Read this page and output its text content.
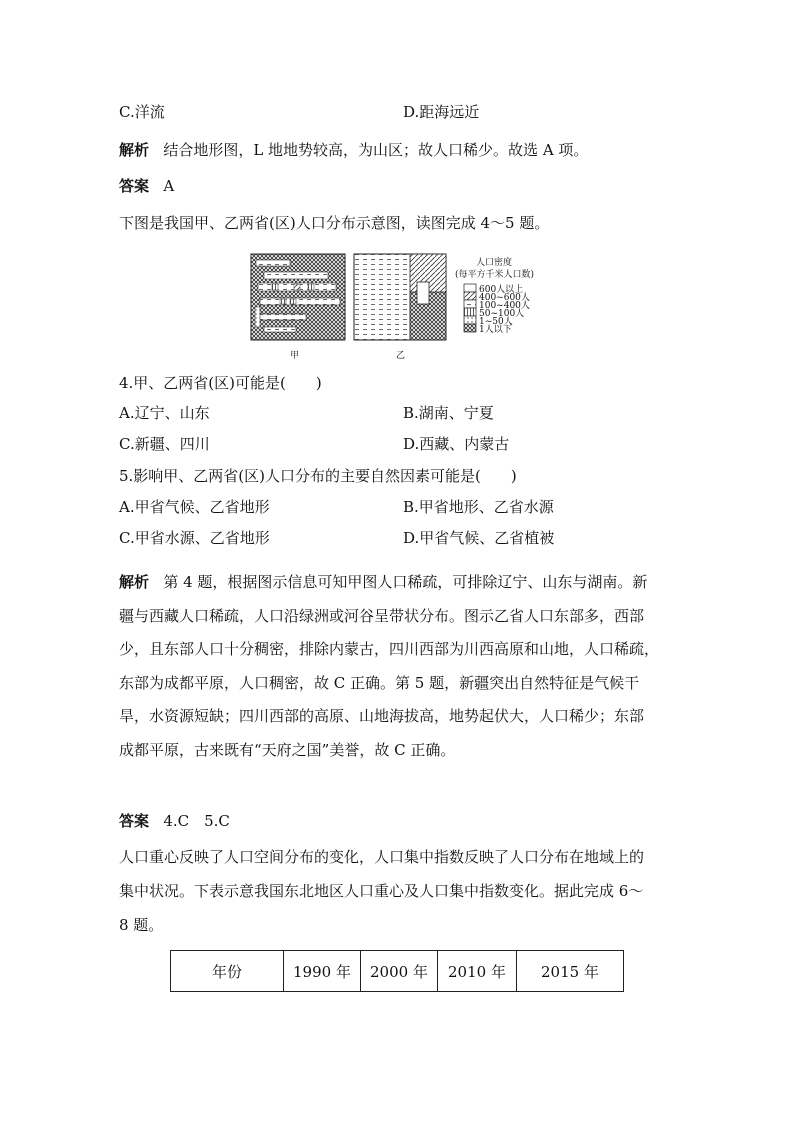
C.洋流	D.距海远近
解析 结合地形图，L 地地势较高，为山区；故人口稀少。故选 A 项。
答案 A
下图是我国甲、乙两省(区)人口分布示意图，读图完成 4～5 题。
人口密度
(每平方千米人口数)
600人以上
400~600人
100~400人
50~100人
1~50人
1人以下
甲	乙
4.甲、乙两省(区)可能是(　　)
A.辽宁、山东	B.湖南、宁夏
C.新疆、四川	D.西藏、内蒙古
5.影响甲、乙两省(区)人口分布的主要自然因素可能是(　　)
A.甲省气候、乙省地形	B.甲省地形、乙省水源
C.甲省水源、乙省地形	D.甲省气候、乙省植被
解析 第 4 题，根据图示信息可知甲图人口稀疏，可排除辽宁、山东与湖南。新
疆与西藏人口稀疏，人口沿绿洲或河谷呈带状分布。图示乙省人口东部多，西部
少，且东部人口十分稠密，排除内蒙古，四川西部为川西高原和山地，人口稀疏，
东部为成都平原，人口稠密，故 C 正确。第 5 题，新疆突出自然特征是气候干
旱，水资源短缺；四川西部的高原、山地海拔高，地势起伏大，人口稀少；东部
成都平原，古来既有“天府之国”美誉，故 C 正确。
答案 4.C　5.C
人口重心反映了人口空间分布的变化，人口集中指数反映了人口分布在地域上的
集中状况。下表示意我国东北地区人口重心及人口集中指数变化。据此完成 6～
8 题。
年份	1990 年	2000 年	2010 年	2015 年
